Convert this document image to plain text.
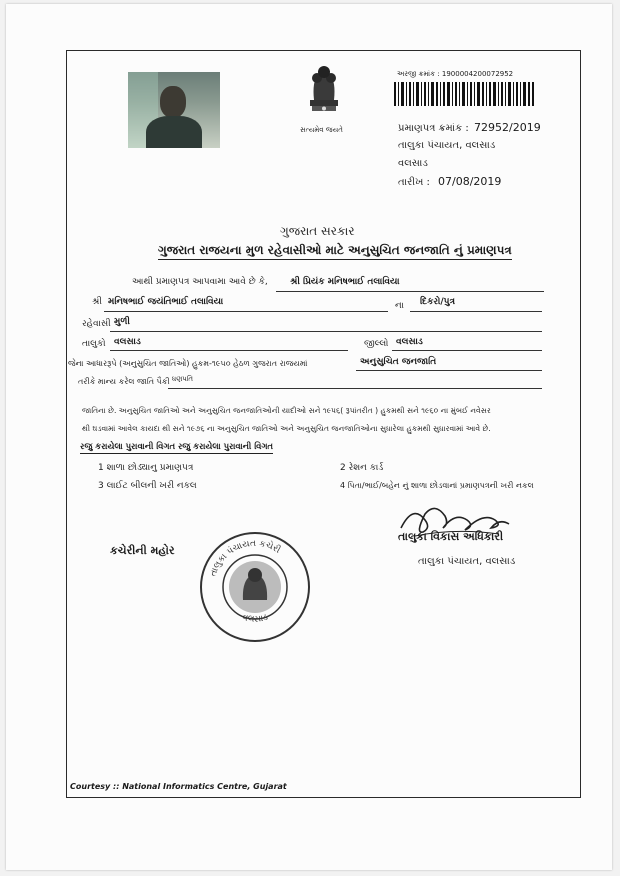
સત્યમેવ જયતે
અરજી ક્રમાંક : 1900004200072952
પ્રમાણપત્ર ક્રમાંક : 72952/2019
તાલુકા પંચાયત, વલસાડ
વલસાડ
તારીખ : 07/08/2019
ગુજરાત સરકાર
ગુજરાત રાજયના મુળ રહેવાસીઓ માટે અનુસુચિત જનજાતિ નું પ્રમાણપત્ર
આથી પ્રમાણપત્ર આપવામા આવે છે કે, શ્રી પ્રિયંક મનિષભાઈ તલાવિયા
શ્રી મનિષભાઈ જયંતિભાઈ તલાવિયા	ના દિકરો/પુત્ર
રહેવાસી મુળી
તાલુકો વલસાડ	જીલ્લો વલસાડ
જેના આધારરૂપે (અનુસુચિત જાતિઓ) હુકમ-૧૯૫૦ હેઠળ ગુજરાત રાજયમાં	અનુસુચિત જનજાતિ
તરીકે માન્ય કરેલ જાતિ પૈકી ધણપતિ
જાતિના છે. અનુસુચિત જાતિઓ અને અનુસુચિત જનજાતિઓની યાદીઓ સને ૧૯૫૬( રૂપાંતરીત ) હુકમથી સને ૧૯૬૦ ના મુંબઈ નવેસર
થી ઘડવામાં આવેલ કાયદા થી સને ૧૯૭૬ ના અનુસુચિત જાતિઓ અને અનુસુચિત જનજાતિઓના સુધારેલા હુકમથી સુધારવામાં આવે છે.
રજુ કરાયેલા પુરાવાની વિગત રજુ કરાયેલા પુરાવાની વિગત
1 શાળા છોડ્યાનુ પ્રમાણપત્ર	2 રેશન કાર્ડ
3 લાઈટ બીલની ખરી નકલ	4 પિતા/ભાઈ/બહેન નું શાળા છોડવાનાં પ્રમાણપત્રની ખરી નકલ
કચેરીની મહોર
તાલુકા પંચાયત કચેરી
વલસાડ
તાલુકા વિકાસ અધિકારી
તાલુકા પંચાયત, વલસાડ
Courtesy :: National Informatics Centre, Gujarat
